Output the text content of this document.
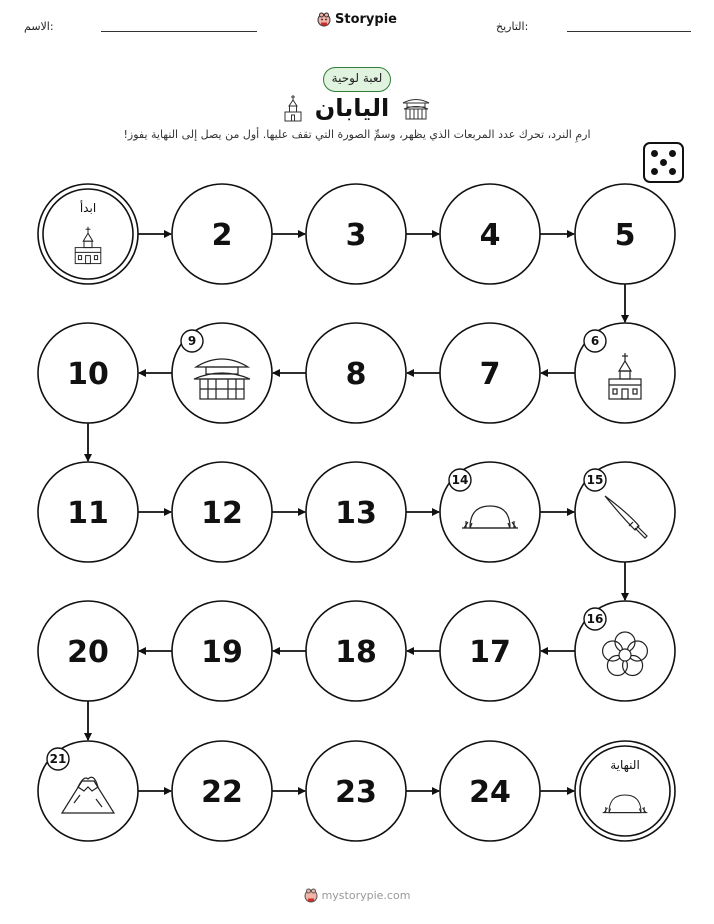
الاسم:	التاريخ:
Storypie
لعبة لوحية
اليابان
ارمِ النرد، تحرك عدد المربعات الذي يظهر، وسمِّ الصورة التي تقف عليها. أول من يصل إلى النهاية يفوز!
ابدأ
2	3	4	5
6
7
8
9
10
11	12	13
14	15
16
17
18
19
20
21
22	23	24
النهاية
mystorypie.com
